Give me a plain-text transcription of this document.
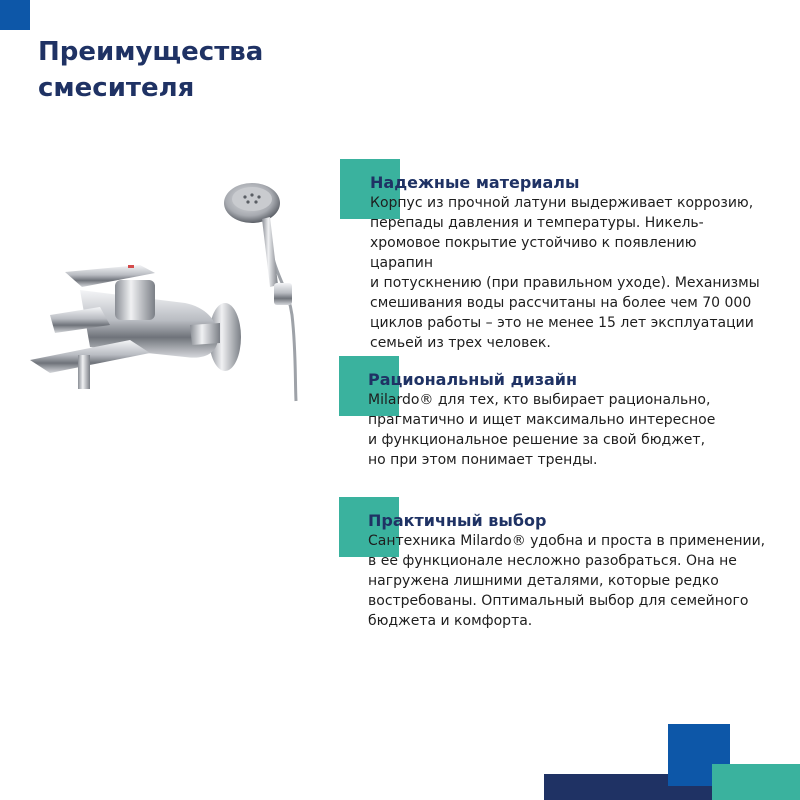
Преимущества смесителя
Надежные материалы

Корпус из прочной латуни выдерживает коррозию,
перепады давления и температуры. Никель-
хромовое покрытие устойчиво к появлению царапин
и потускнению (при правильном уходе). Механизмы
смешивания воды рассчитаны на более чем 70 000
циклов работы – это не менее 15 лет эксплуатации
семьей из трех человек.

Рациональный дизайн

Milardo® для тех, кто выбирает рационально,
прагматично и ищет максимально интересное
и функциональное решение за свой бюджет,
но при этом понимает тренды.

Практичный выбор

Сантехника Milardo® удобна и проста в применении,
в ее функционале несложно разобраться. Она не
нагружена лишними деталями, которые редко
востребованы. Оптимальный выбор для семейного
бюджета и комфорта.
